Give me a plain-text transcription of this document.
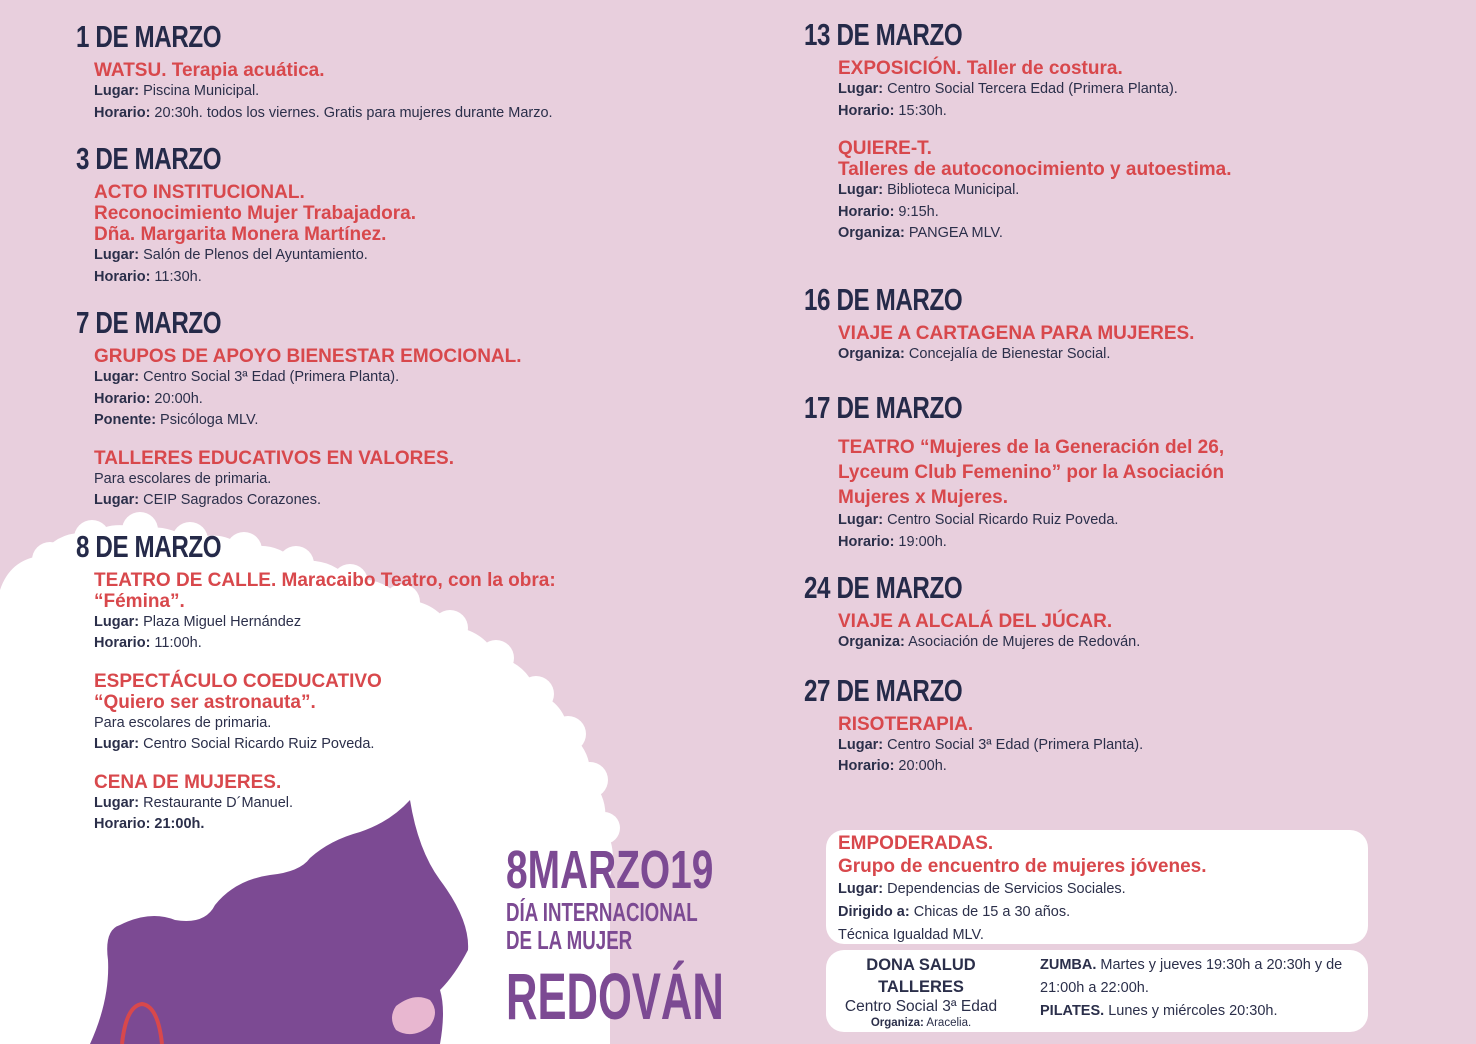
1 DE MARZO
WATSU. Terapia acuática.
Lugar: Piscina Municipal.
Horario: 20:30h. todos los viernes. Gratis para mujeres durante Marzo.
3 DE MARZO
ACTO INSTITUCIONAL.
Reconocimiento Mujer Trabajadora.
Dña. Margarita Monera Martínez.
Lugar: Salón de Plenos del Ayuntamiento.
Horario: 11:30h.
7 DE MARZO
GRUPOS DE APOYO BIENESTAR EMOCIONAL.
Lugar: Centro Social 3ª Edad (Primera Planta).
Horario: 20:00h.
Ponente: Psicóloga MLV.
TALLERES EDUCATIVOS EN VALORES.
Para escolares de primaria.
Lugar: CEIP Sagrados Corazones.
8 DE MARZO
TEATRO DE CALLE. Maracaibo Teatro, con la obra:
“Fémina”.
Lugar: Plaza Miguel Hernández
Horario: 11:00h.
ESPECTÁCULO COEDUCATIVO
“Quiero ser astronauta”.
Para escolares de primaria.
Lugar: Centro Social Ricardo Ruiz Poveda.
CENA DE MUJERES.
Lugar: Restaurante D´Manuel.
Horario: 21:00h.
13 DE MARZO
EXPOSICIÓN. Taller de costura.
Lugar: Centro Social Tercera Edad (Primera Planta).
Horario: 15:30h.
QUIERE-T.
Talleres de autoconocimiento y autoestima.
Lugar: Biblioteca Municipal.
Horario: 9:15h.
Organiza: PANGEA MLV.
16 DE MARZO
VIAJE A CARTAGENA PARA MUJERES.
Organiza: Concejalía de Bienestar Social.
17 DE MARZO
TEATRO “Mujeres de la Generación del 26,
Lyceum Club Femenino” por la Asociación
Mujeres x Mujeres.
Lugar: Centro Social Ricardo Ruiz Poveda.
Horario: 19:00h.
24 DE MARZO
VIAJE A ALCALÁ DEL JÚCAR.
Organiza: Asociación de Mujeres de Redován.
27 DE MARZO
RISOTERAPIA.
Lugar: Centro Social 3ª Edad (Primera Planta).
Horario: 20:00h.
EMPODERADAS.
Grupo de encuentro de mujeres jóvenes.
Lugar: Dependencias de Servicios Sociales.
Dirigido a: Chicas de 15 a 30 años.
Técnica Igualdad MLV.
DONA SALUD
TALLERES
Centro Social 3ª Edad
Organiza: Aracelia.
ZUMBA. Martes y jueves 19:30h a 20:30h y de 21:00h a 22:00h.
PILATES. Lunes y miércoles 20:30h.
8MARZO19
DÍA INTERNACIONAL
DE LA MUJER
REDOVÁN
